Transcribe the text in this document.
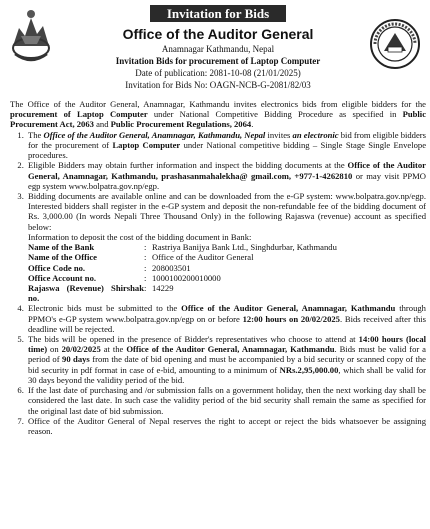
Invitation for Bids
Office of the Auditor General
Anamnagar Kathmandu, Nepal
Invitation Bids for procurement of Laptop Computer
Date of publication: 2081-10-08 (21/01/2025)
Invitation for Bids No: OAGN-NCB-G-2081/82/03

The Office of the Auditor General, Anamnagar, Kathmandu invites electronics bids from eligible bidders for the procurement of Laptop Computer under National Competitive Bidding Procedure as specified in Public Procurement Act, 2063 and Public Procurement Regulations, 2064.

1. The Office of the Auditor General, Anamnagar, Kathmandu, Nepal invites an electronic bid from eligible bidders for the procurement of Laptop Computer under National competitive bidding – Single Stage Single Envelope procedures.
2. Eligible Bidders may obtain further information and inspect the bidding documents at the Office of the Auditor General, Anamnagar, Kathmandu, prashasanmahalekha@ gmail.com, +977-1-4262810 or may visit PPMO egp system www.bolpatra.gov.np/egp.
3. Bidding documents are available online and can be downloaded from the e-GP system: www.bolpatra.gov.np/egp. Interested bidders shall register in the e-GP system and deposit the non-refundable fee of the bidding document of Rs. 3,000.00 (In words Nepali Three Thousand Only) in the following Rajaswa (revenue) account as specified below:
Information to deposit the cost of the bidding document in Bank:
Name of the Bank	:	Rastriya Banijya Bank Ltd., Singhdurbar, Kathmandu
Name of the Office	:	Office of the Auditor General
Office Code no.	:	208003501
Office Account no.	:	1000100200010000
Rajaswa (Revenue) Shirshak no.	:	14229
4. Electronic bids must be submitted to the Office of the Auditor General, Anamnagar, Kathmandu through PPMO's e-GP system www.bolpatra.gov.np/egp on or before 12:00 hours on 20/02/2025. Bids received after this deadline will be rejected.
5. The bids will be opened in the presence of Bidder's representatives who choose to attend at 14:00 hours (local time) on 20/02/2025 at the Office of the Auditor General, Anamnagar, Kathmandu. Bids must be valid for a period of 90 days from the date of bid opening and must be accompanied by a bid security or scanned copy of the bid security in pdf format in case of e-bid, amounting to a minimum of NRs.2,95,000.00, which shall be valid for 30 days beyond the validity period of the bid.
6. If the last date of purchasing and /or submission falls on a government holiday, then the next working day shall be considered the last date. In such case the validity period of the bid security shall remain the same as specified for the original last date of bid submission.
7. Office of the Auditor General of Nepal reserves the right to accept or reject the bids whatsoever be assigning reason.
